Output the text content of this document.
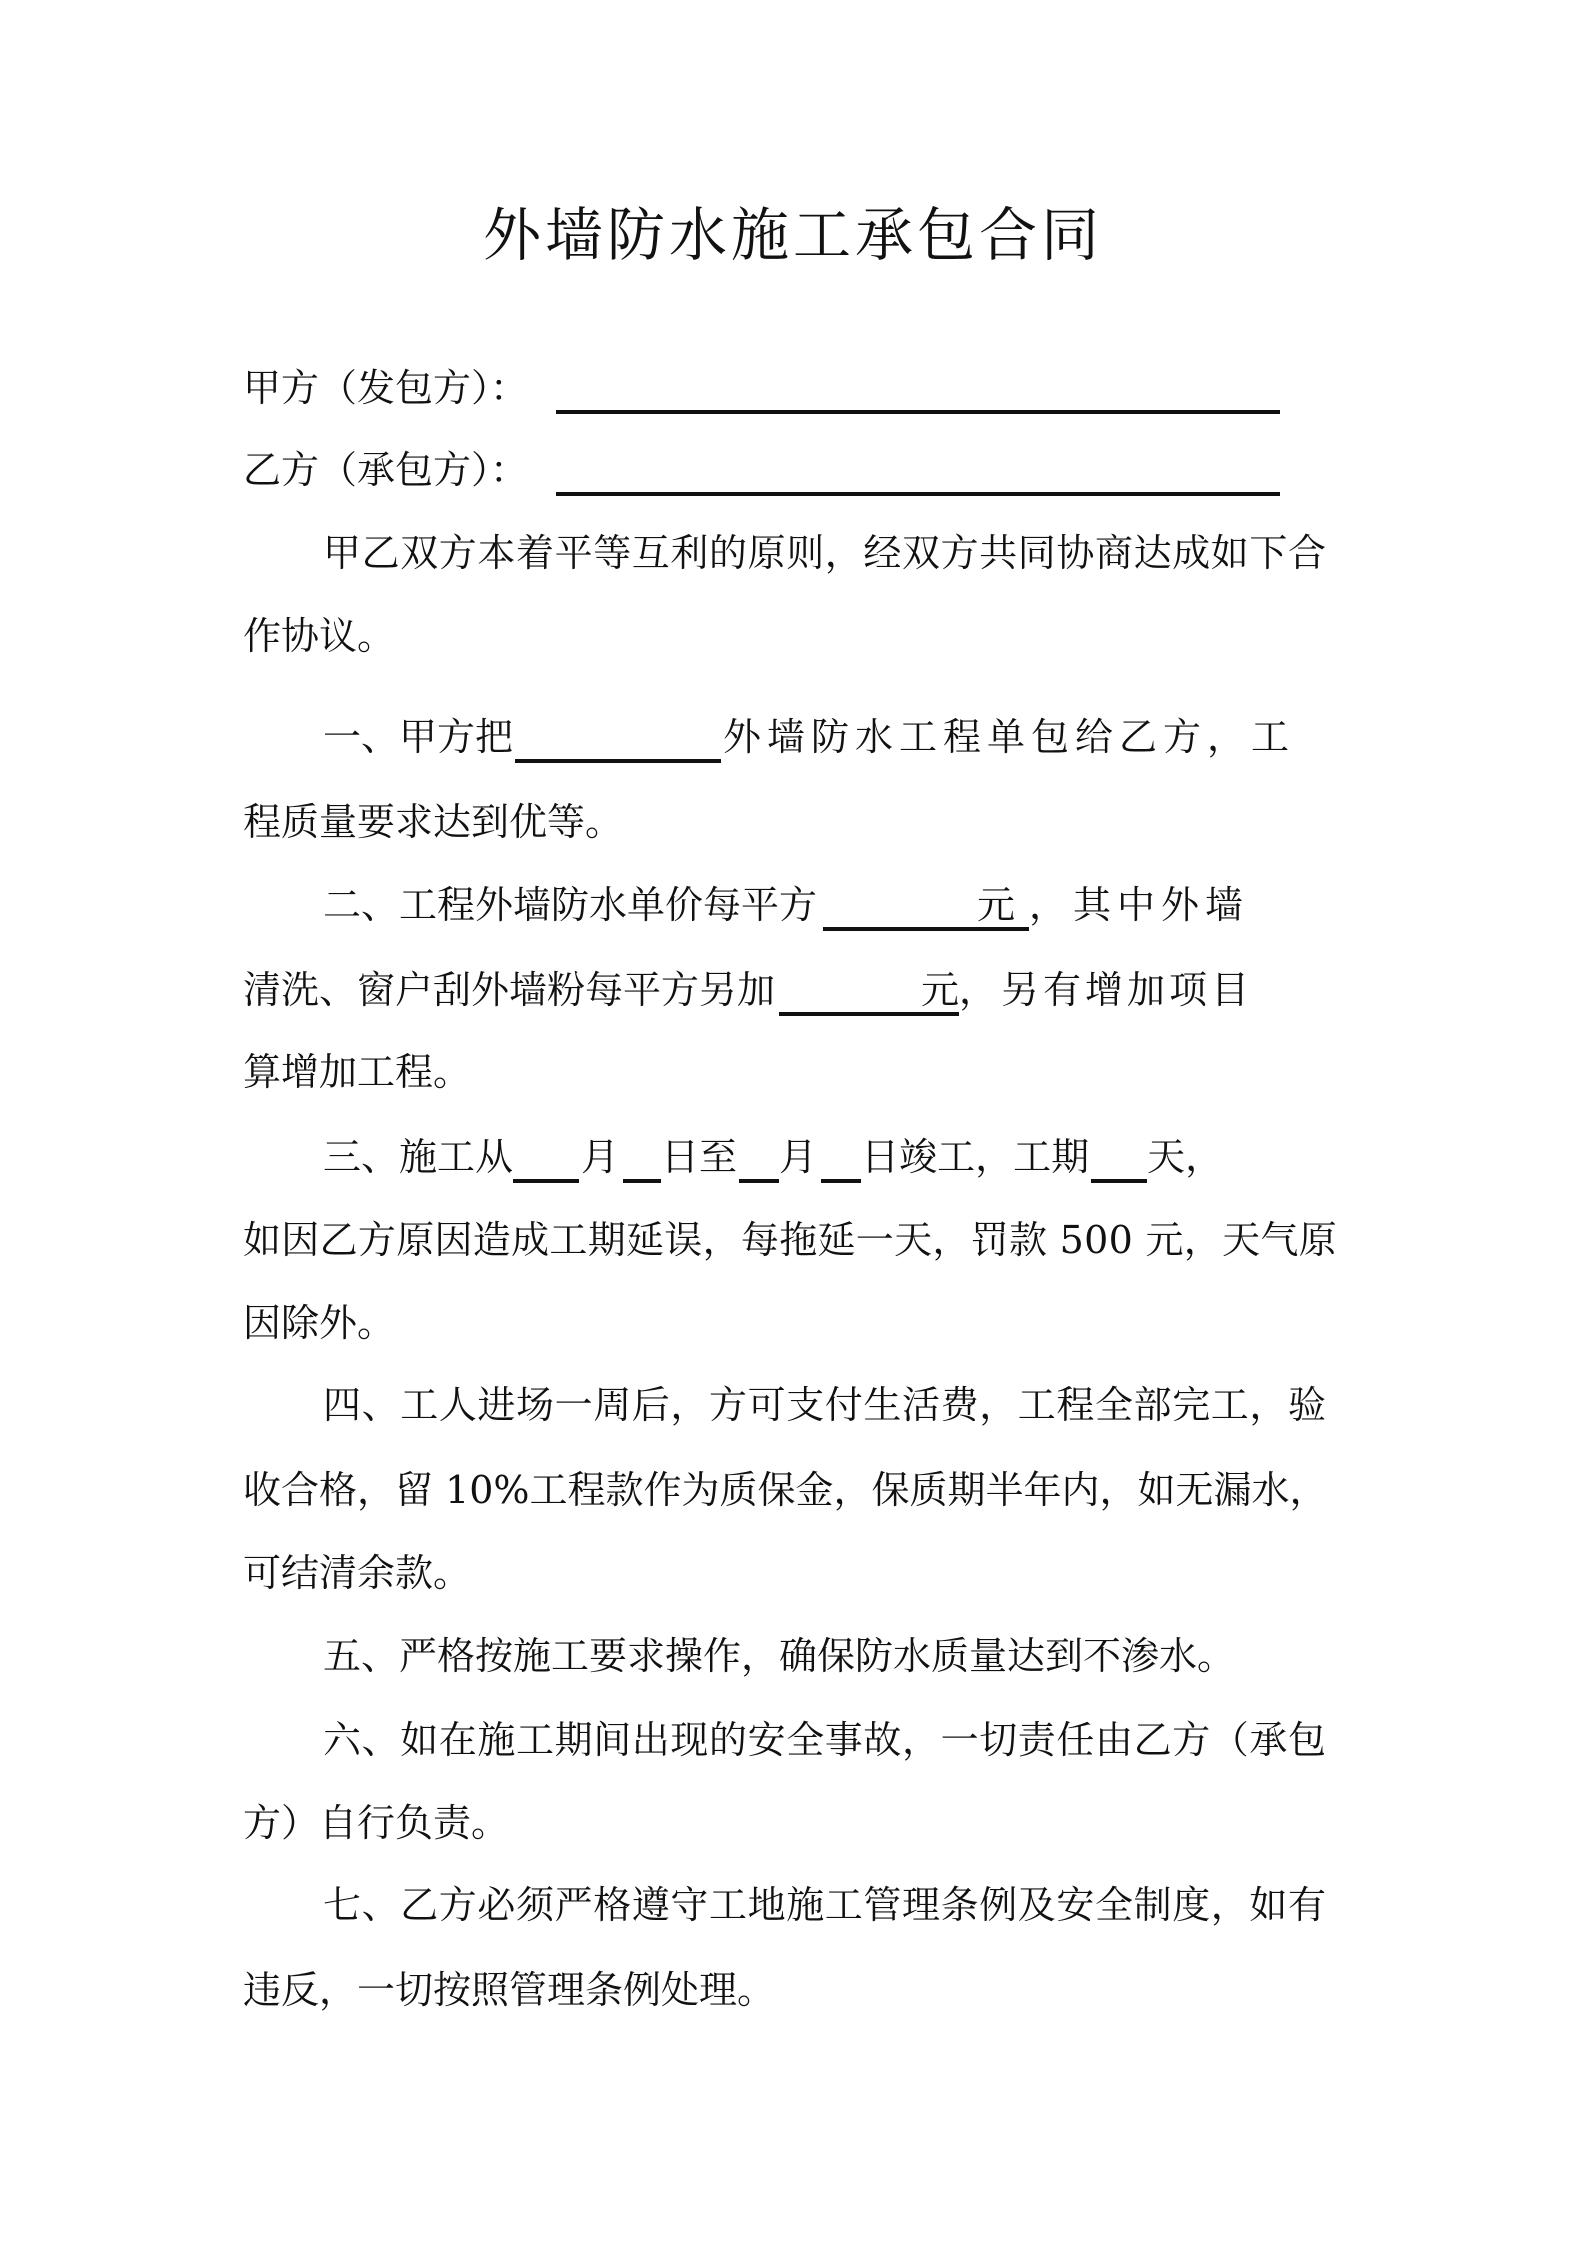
外墙防水施工承包合同
甲方（发包方）：
乙方（承包方）：
甲乙双方本着平等互利的原则，经双方共同协商达成如下合
作协议。
一、甲方把	外墙防水工程单包给乙方，工
程质量要求达到优等。
二、工程外墙防水单价每平方	元 ，其中外墙
清洗、窗户刮外墙粉每平方另加	元 ，另有增加项目
算增加工程。
三、施工从 月 日至 月 日竣工，工期 天，
如因乙方原因造成工期延误，每拖延一天，罚款 500 元，天气原
因除外。
四、工人进场一周后，方可支付生活费，工程全部完工，验
收合格，留 10%工程款作为质保金，保质期半年内，如无漏水，
可结清余款。
五、严格按施工要求操作，确保防水质量达到不渗水。
六、如在施工期间出现的安全事故，一切责任由乙方（承包
方）自行负责。
七、乙方必须严格遵守工地施工管理条例及安全制度，如有
违反，一切按照管理条例处理。
